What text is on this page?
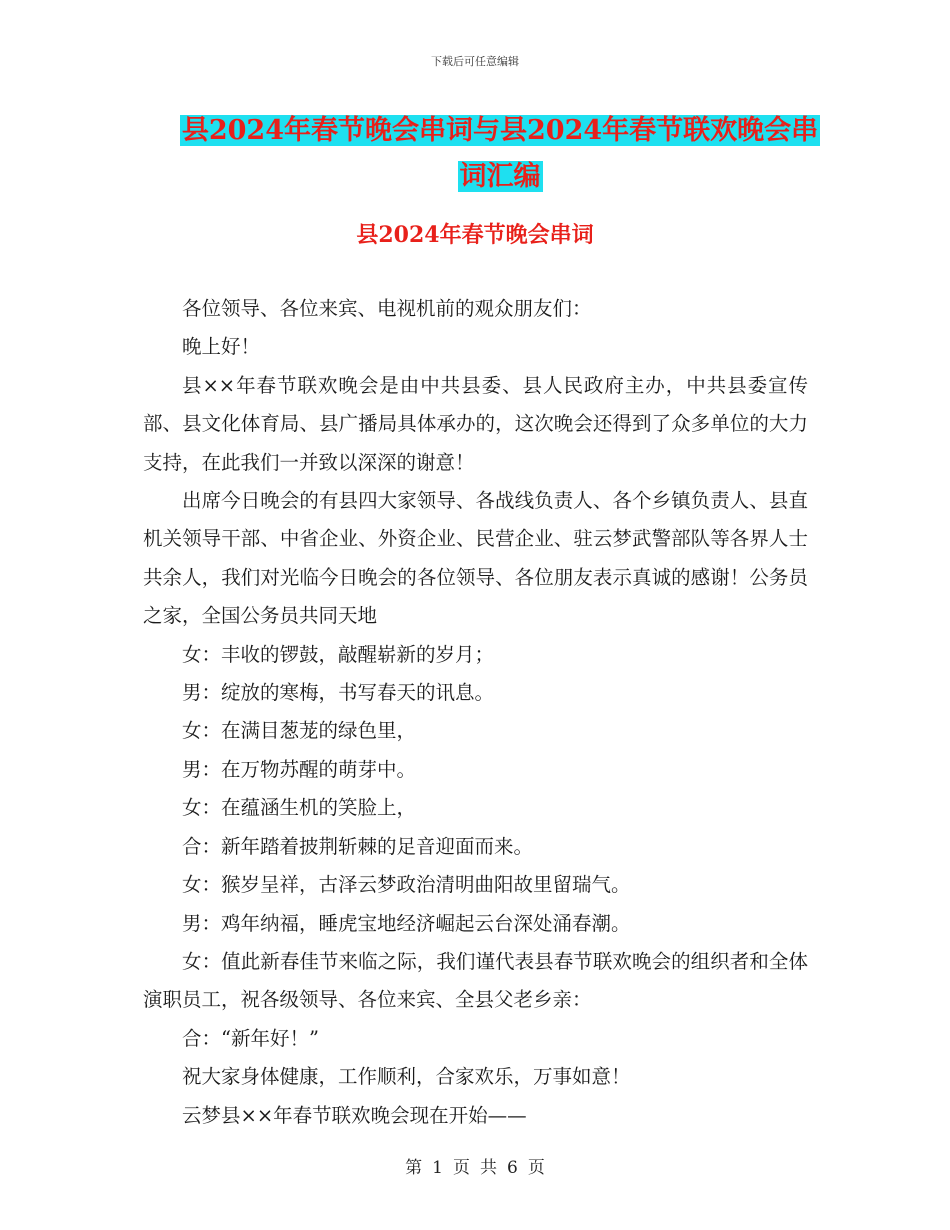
下载后可任意编辑
县2024年春节晚会串词与县2024年春节联欢晚会串
词汇编
县2024年春节晚会串词

各位领导、各位来宾、电视机前的观众朋友们：

晚上好！

县××年春节联欢晚会是由中共县委、县人民政府主办，中共县委宣传部、县文化体育局、县广播局具体承办的，这次晚会还得到了众多单位的大力支持，在此我们一并致以深深的谢意！

出席今日晚会的有县四大家领导、各战线负责人、各个乡镇负责人、县直机关领导干部、中省企业、外资企业、民营企业、驻云梦武警部队等各界人士共余人，我们对光临今日晚会的各位领导、各位朋友表示真诚的感谢！公务员之家，全国公务员共同天地

女：丰收的锣鼓，敲醒崭新的岁月；

男：绽放的寒梅，书写春天的讯息。

女：在满目葱茏的绿色里，

男：在万物苏醒的萌芽中。

女：在蕴涵生机的笑脸上，

合：新年踏着披荆斩棘的足音迎面而来。

女：猴岁呈祥，古泽云梦政治清明曲阳故里留瑞气。

男：鸡年纳福，睡虎宝地经济崛起云台深处涌春潮。

女：值此新春佳节来临之际，我们谨代表县春节联欢晚会的组织者和全体演职员工，祝各级领导、各位来宾、全县父老乡亲：

合：“新年好！”

祝大家身体健康，工作顺利，合家欢乐，万事如意！

云梦县××年春节联欢晚会现在开始——

第 1 页 共 6 页
